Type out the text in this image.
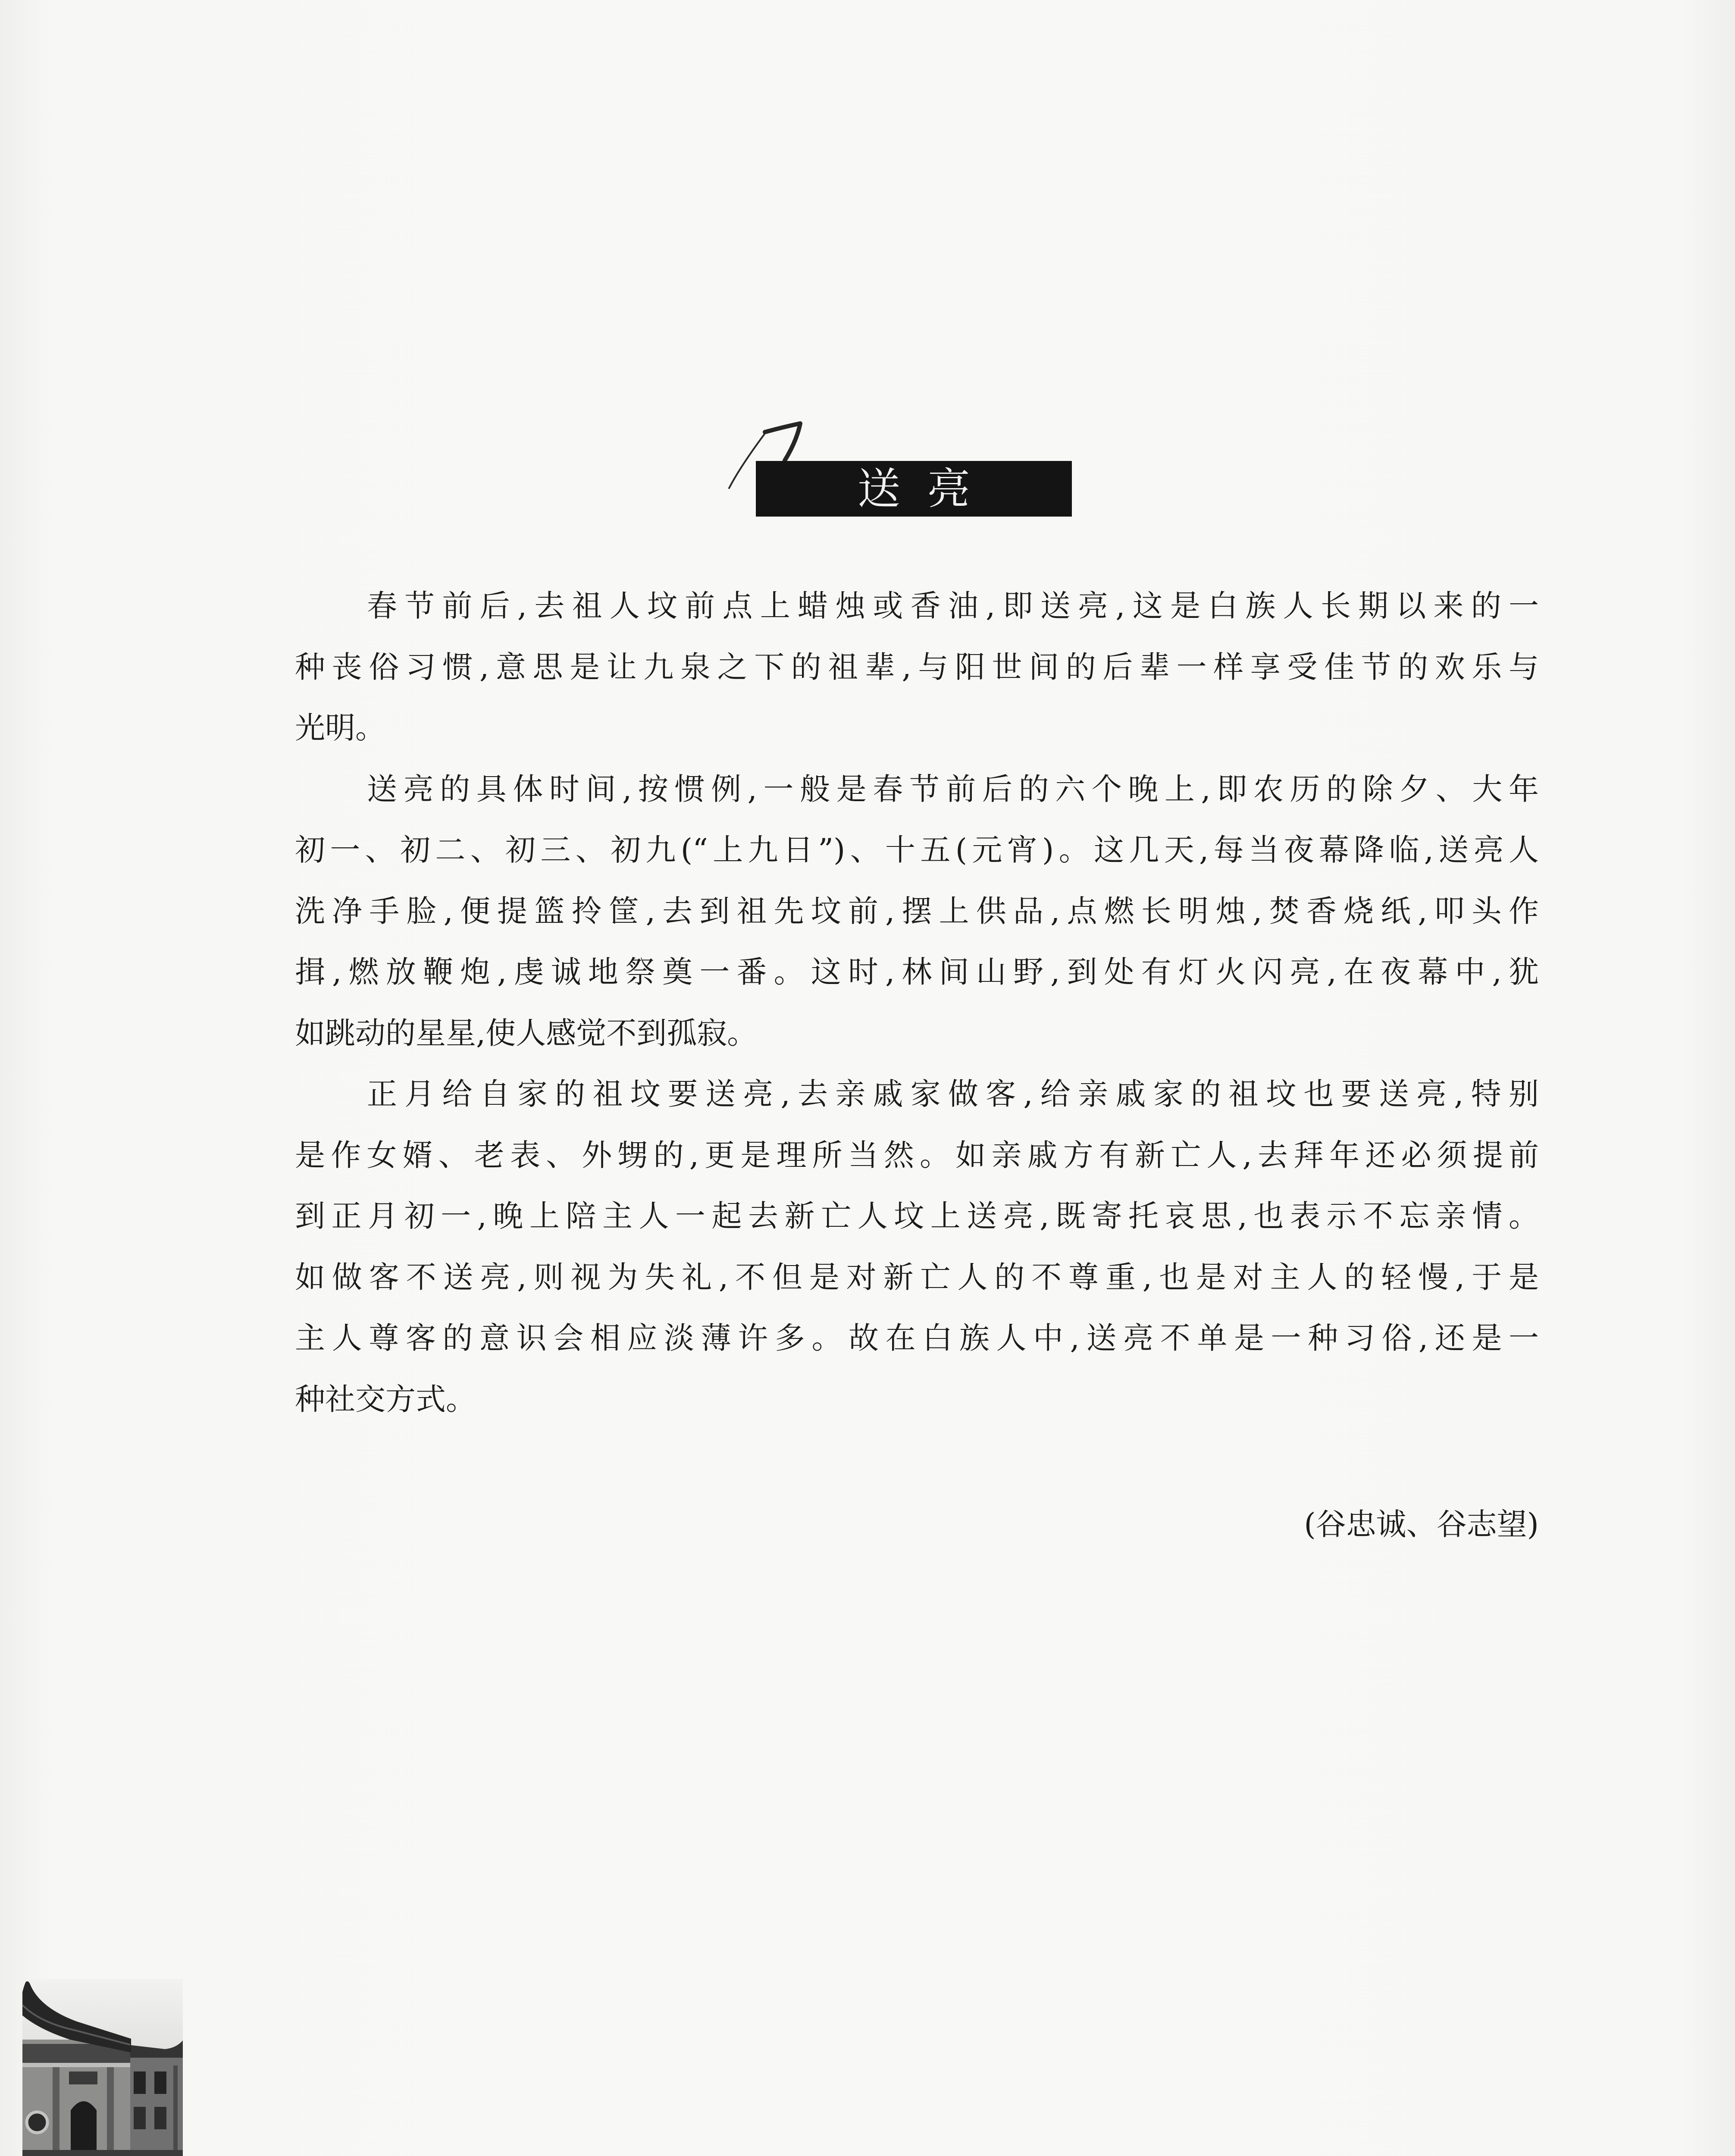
送亮
春节前后,去祖人坟前点上蜡烛或香油,即送亮,这是白族人长期以来的一
种丧俗习惯,意思是让九泉之下的祖辈,与阳世间的后辈一样享受佳节的欢乐与
光明。
送亮的具体时间,按惯例,一般是春节前后的六个晚上,即农历的除夕、大年
初一、初二、初三、初九(“上九日”)、十五(元宵)。这几天,每当夜幕降临,送亮人
洗净手脸,便提篮拎筐,去到祖先坟前,摆上供品,点燃长明烛,焚香烧纸,叩头作
揖,燃放鞭炮,虔诚地祭奠一番。这时,林间山野,到处有灯火闪亮,在夜幕中,犹
如跳动的星星,使人感觉不到孤寂。
正月给自家的祖坟要送亮,去亲戚家做客,给亲戚家的祖坟也要送亮,特别
是作女婿、老表、外甥的,更是理所当然。如亲戚方有新亡人,去拜年还必须提前
到正月初一,晚上陪主人一起去新亡人坟上送亮,既寄托哀思,也表示不忘亲情。
如做客不送亮,则视为失礼,不但是对新亡人的不尊重,也是对主人的轻慢,于是
主人尊客的意识会相应淡薄许多。故在白族人中,送亮不单是一种习俗,还是一
种社交方式。
(谷忠诚、谷志望)
